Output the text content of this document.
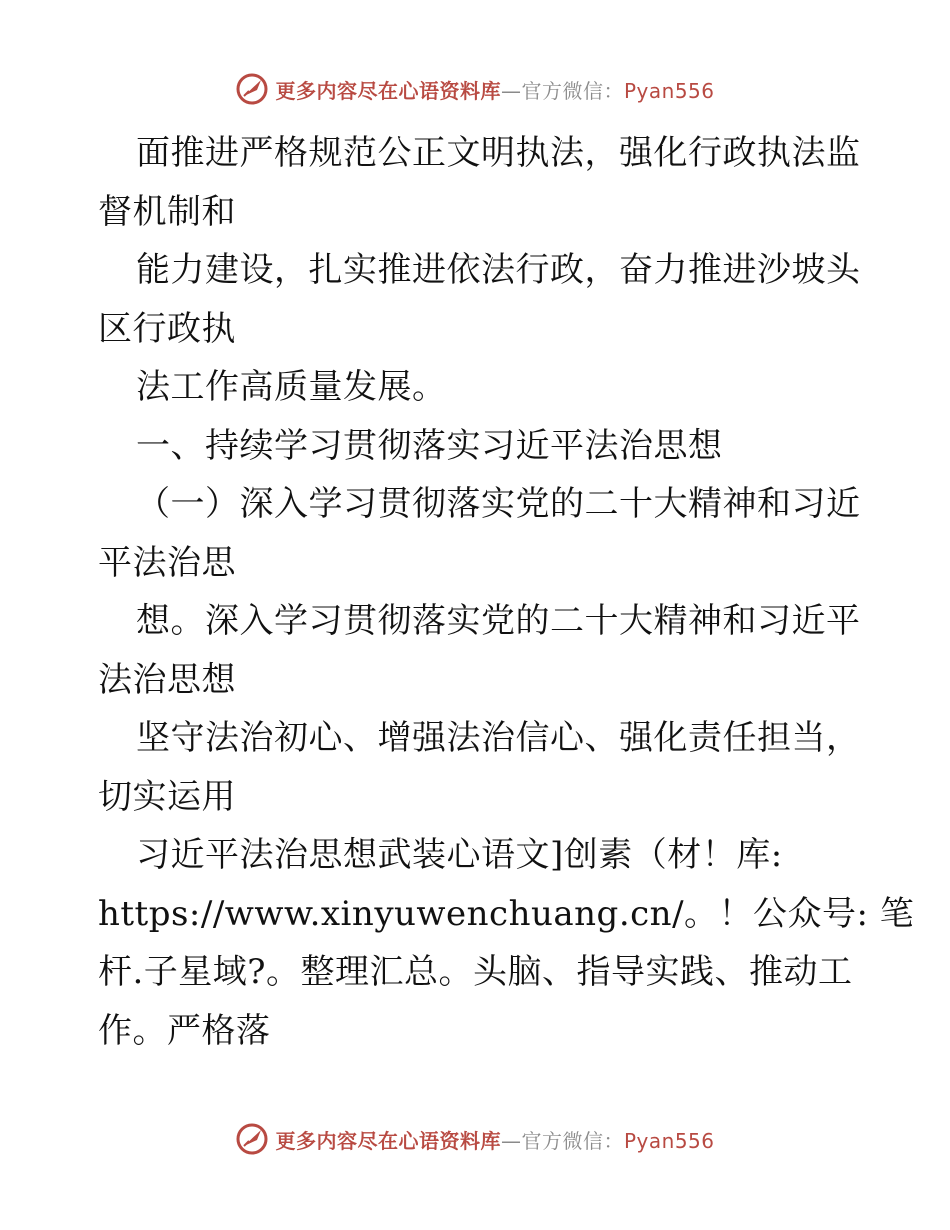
更多内容尽在心语资料库—官方微信：Pyan556
面推进严格规范公正文明执法，强化行政执法监
督机制和
能力建设，扎实推进依法行政，奋力推进沙坡头
区行政执
法工作高质量发展。
一、持续学习贯彻落实习近平法治思想
（一）深入学习贯彻落实党的二十大精神和习近
平法治思
想。深入学习贯彻落实党的二十大精神和习近平
法治思想
坚守法治初心、增强法治信心、强化责任担当，
切实运用
习近平法治思想武装心语文]创素（材！库:
https://www.xinyuwenchuang.cn/。！公众号: 笔
杆.子星域?。整理汇总。头脑、指导实践、推动工
作。严格落
更多内容尽在心语资料库—官方微信：Pyan556
